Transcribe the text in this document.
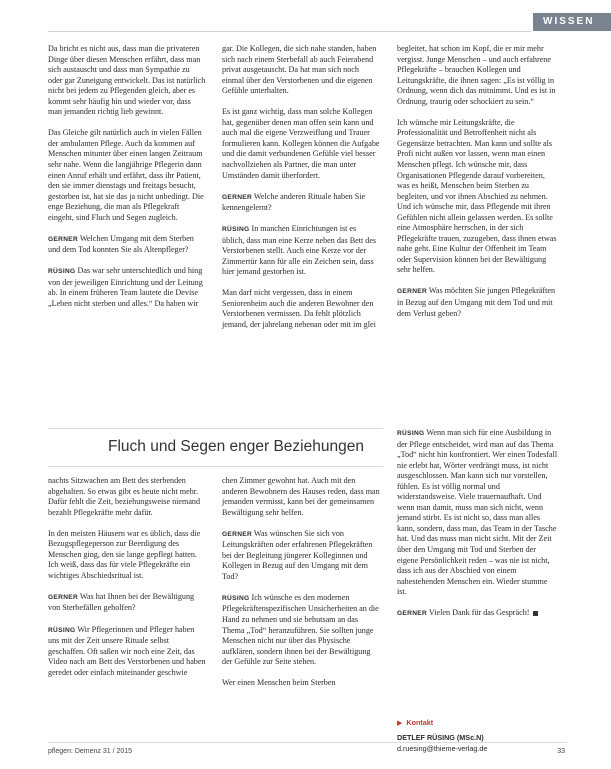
WISSEN

Da bricht es nicht aus, dass man die privateren Dinge über diesen Menschen erfährt, dass man sich austauscht und dass man Sympathie zu oder gar Zuneigung entwickelt. Das ist natürlich nicht bei jedem zu Pflegenden gleich, aber es kommt sehr häufig hin und wieder vor, dass man jemanden richtig lieb gewinnt.

Das Gleiche gilt natürlich auch in vielen Fällen der ambulanten Pflege. Auch da kommen auf Menschen mitunter über einen langen Zeitraum sehr nahe. Wenn die langjährige Pflegerin dann einen Anruf erhält und erfährt, dass ihr Patient, den sie immer dienstags und freitags besucht, gestorben ist, hat sie das ja nicht unbedingt. Die enge Beziehung, die man als Pflegekraft eingeht, sind Fluch und Segen zugleich.

GERNER Welchen Umgang mit dem Sterben und dem Tod konnten Sie als Altenpfleger?

RÜSING Das war sehr unterschiedlich und hing von der jeweiligen Einrichtung und der Leitung ab. In einem früheren Team lautete die Devise „Leben nicht sterben und alles.“ Da haben wir

gar. Die Kollegen, die sich nahe standen, haben sich nach einem Sterbefall ab auch Feierabend privat ausgetauscht. Da hat man sich noch einmal über den Verstorbenen und die eigenen Gefühle unterhalten.

Es ist ganz wichtig, dass man solche Kollegen hat, gegenüber denen man offen sein kann und auch mal die eigene Verzweiflung und Trauer formulieren kann. Kollegen können die Aufgabe und die damit verbundenen Gefühle viel besser nachvollziehen als Partner, die man unter Umständen damit überfordert.

GERNER Welche anderen Rituale haben Sie kennengelernt?

RÜSING In manchen Einrichtungen ist es üblich, dass man eine Kerze neben das Bett des Verstorbenen stellt. Auch eine Kerze vor der Zimmertür kann für alle ein Zeichen sein, dass hier jemand gestorben ist.

Man darf nicht vergessen, dass in einem Seniorenheim auch die anderen Bewohner den Verstorbenen vermissen. Da fehlt plötzlich jemand, der jahrelang nebenan oder mit im glei

begleitet, hat schon im Kopf, die er mir mehr vergisst. Junge Menschen – und auch erfahrene Pflegekräfte – brauchen Kollegen und Leitungskräfte, die ihnen sagen: „Es ist völlig in Ordnung, wenn dich das mitnimmt. Und es ist in Ordnung, traurig oder schockiert zu sein.“

Ich wünsche mir Leitungskräfte, die Professionalität und Betroffenheit nicht als Gegensätze betrachten. Man kann und sollte als Profi nicht außen vor lassen, wenn man einen Menschen pflegt. Ich wünsche mir, dass Organisationen Pflegende darauf vorbereiten, was es heißt, Menschen beim Sterben zu begleiten, und vor ihnen Abschied zu nehmen. Und ich wünsche mir, dass Pflegende mit ihren Gefühlen nicht allein gelassen werden. Es sollte eine Atmosphäre herrschen, in der sich Pflegekräfte trauen, zuzugeben, dass ihnen etwas nahe geht. Eine Kultur der Offenheit im Team oder Supervision können bei der Bewältigung sehr helfen.

GERNER Was möchten Sie jungen Pflegekräften in Bezug auf den Umgang mit dem Tod und mit dem Verlust geben?

Fluch und Segen enger Beziehungen

nachts Sitzwachen am Bett des sterbenden abgehalten. So etwas gibt es heute nicht mehr. Dafür fehlt die Zeit, beziehungsweise niemand bezahlt Pflegekräfte mehr dafür.

In den meisten Häusern war es üblich, dass die Bezugspflegeperson zur Beerdigung des Menschen ging, den sie lange gepflegt hatten. Ich weiß, dass das für viele Pflegekräfte ein wichtiges Abschiedsritual ist.

GERNER Was hat Ihnen bei der Bewältigung von Sterbefällen geholfen?

RÜSING Wir Pflegerinnen und Pfleger haben uns mit der Zeit unsere Rituale selbst geschaffen. Oft saßen wir noch eine Zeit, das Video nach am Bett des Verstorbenen und haben geredet oder einfach miteinander geschwie

chen Zimmer gewohnt hat. Auch mit den anderen Bewohnern des Hauses reden, dass man jemanden vermisst, kann bei der gemeinsamen Bewältigung sehr helfen.

GERNER Was wünschen Sie sich von Leitungskräften oder erfahrenen Pflegekräften bei der Begleitung jüngerer Kolleginnen und Kollegen in Bezug auf den Umgang mit dem Tod?

RÜSING Ich wünsche es den modernen Pflegekräftenspezifischen Unsicherheiten an die Hand zu nehmen und sie behutsam an das Thema „Tod“ heranzuführen. Sie sollten junge Menschen nicht nur über das Physische aufklären, sondern ihnen bei der Bewältigung der Gefühle zur Seite stehen.

Wer einen Menschen beim Sterben

RÜSING Wenn man sich für eine Ausbildung in der Pflege entscheidet, wird man auf das Thema „Tod“ nicht hin konfrontiert. Wer einen Todesfall nie erlebt hat, Wörter verdrängt muss, ist nicht ausgeschlossen. Man kann sich nur vorstellen, fühlen. Es ist völlig normal und widerstandsweise. Viele trauernaufhaft. Und wenn man damit, muss man sich nicht, wenn jemand stirbt. Es ist nicht so, dass man alles kann, sondern, dass man, das Team in der Tasche hat. Und das muss man nicht sicht. Mit der Zeit über den Umgang mit Tod und Sterben der eigene Persönlichkeit reden – was nie ist nicht, dass ich aus der Abschied von einem nahestehenden Menschen ein. Wieder stumme ist.

GERNER Vielen Dank für das Gespräch!

▶ Kontakt
DETLEF RÜSING (MSc.N)
d.ruesing@thieme-verlag.de
pflegen: Demenz 31 / 2015	33
